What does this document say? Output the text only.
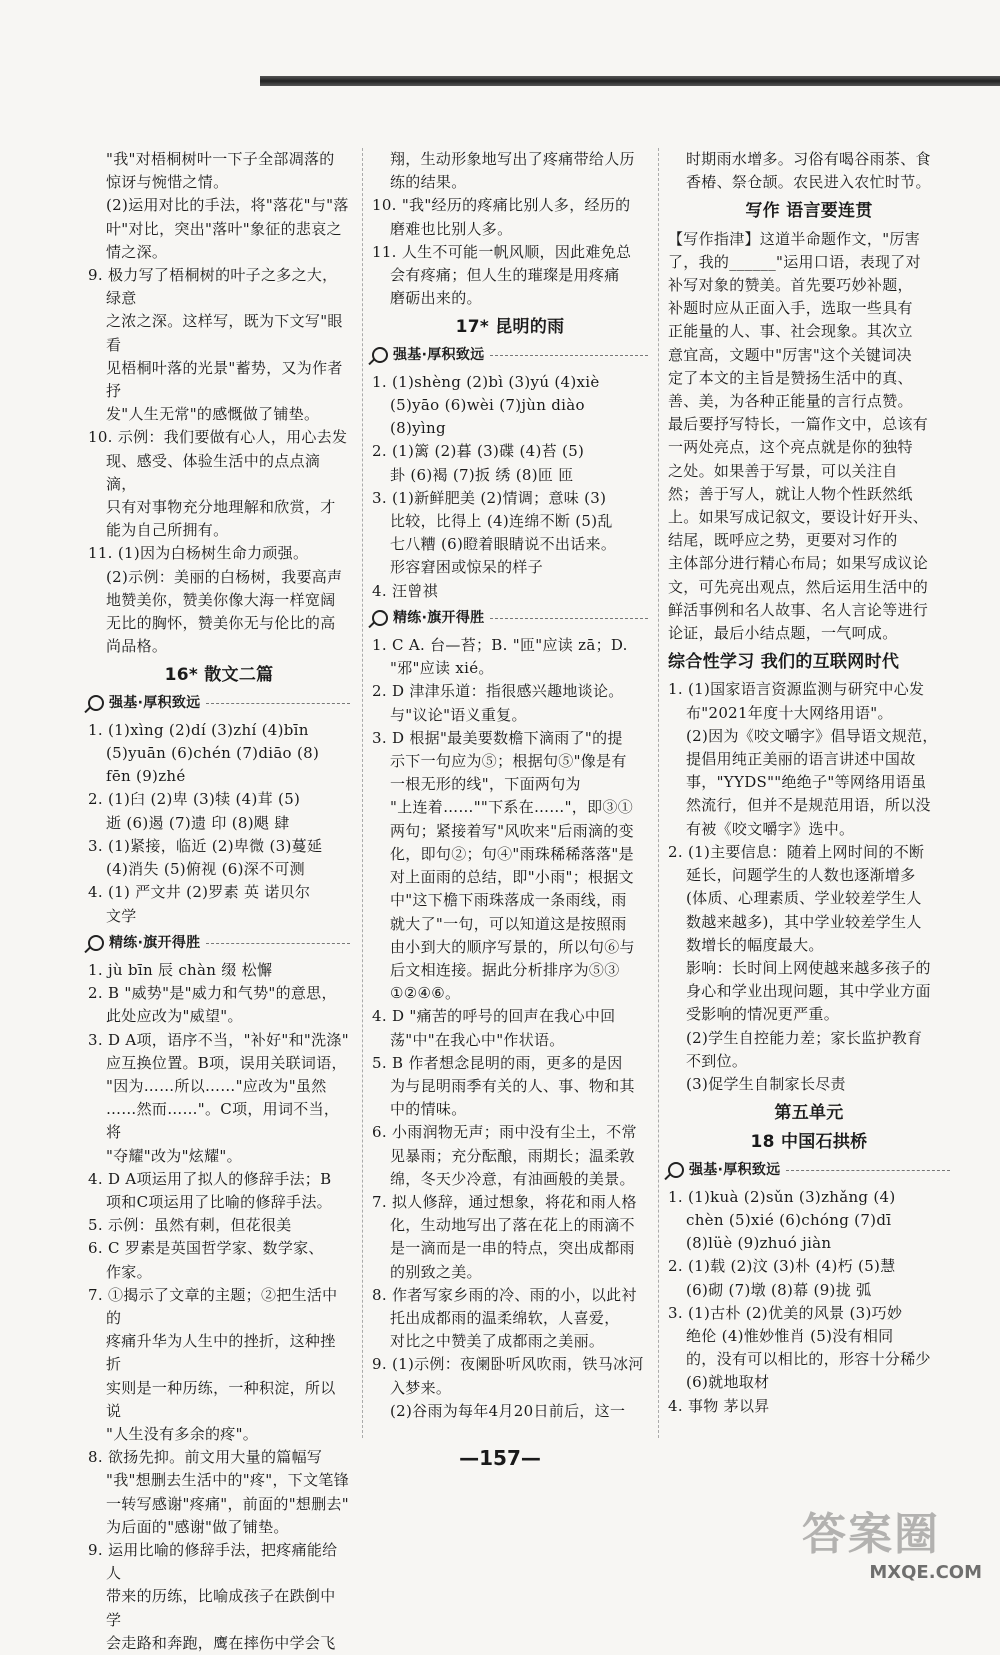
"我"对梧桐树叶一下子全部凋落的
惊讶与惋惜之情。
(2)运用对比的手法，将"落花"与"落
叶"对比，突出"落叶"象征的悲哀之
情之深。
9. 极力写了梧桐树的叶子之多之大，绿意
之浓之深。这样写，既为下文写"眼看
见梧桐叶落的光景"蓄势，又为作者抒
发"人生无常"的感慨做了铺垫。
10. 示例：我们要做有心人，用心去发
现、感受、体验生活中的点点滴滴，
只有对事物充分地理解和欣赏，才
能为自己所拥有。
11. (1)因为白杨树生命力顽强。
(2)示例：美丽的白杨树，我要高声
地赞美你，赞美你像大海一样宽阔
无比的胸怀，赞美你无与伦比的高
尚品格。
16* 散文二篇
强基·厚积致远
1. (1)xìng (2)dí (3)zhí (4)bīn
(5)yuān (6)chén (7)diāo (8)
fēn (9)zhé
2. (1)臼 (2)卑 (3)犊 (4)茸 (5)
逝 (6)遏 (7)遗 印 (8)飓 肆
3. (1)紧接，临近 (2)卑微 (3)蔓延
(4)消失 (5)俯视 (6)深不可测
4. (1) 严文井 (2)罗素 英 诺贝尔
文学
精练·旗开得胜
1. jù bīn 辰 chàn 缀 松懈
2. B "威势"是"威力和气势"的意思，
此处应改为"威望"。
3. D A项，语序不当，"补好"和"洗涤"
应互换位置。B项，误用关联词语，
"因为……所以……"应改为"虽然
……然而……"。C项，用词不当，将
"夺耀"改为"炫耀"。
4. D A项运用了拟人的修辞手法；B
项和C项运用了比喻的修辞手法。
5. 示例：虽然有刺，但花很美
6. C 罗素是英国哲学家、数学家、
作家。
7. ①揭示了文章的主题；②把生活中的
疼痛升华为人生中的挫折，这种挫折
实则是一种历练，一种积淀，所以说
"人生没有多余的疼"。
8. 欲扬先抑。前文用大量的篇幅写
"我"想删去生活中的"疼"，下文笔锋
一转写感谢"疼痛"，前面的"想删去"
为后面的"感谢"做了铺垫。
9. 运用比喻的修辞手法，把疼痛能给人
带来的历练，比喻成孩子在跌倒中学
会走路和奔跑，鹰在摔伤中学会飞
翔，生动形象地写出了疼痛带给人历
练的结果。
10. "我"经历的疼痛比别人多，经历的
磨难也比别人多。
11. 人生不可能一帆风顺，因此难免总
会有疼痛；但人生的璀璨是用疼痛
磨砺出来的。
17* 昆明的雨
强基·厚积致远
1. (1)shèng (2)bì (3)yú (4)xiè
(5)yāo (6)wèi (7)jùn diào
(8)yìng
2. (1)篱 (2)暮 (3)碟 (4)苔 (5)
卦 (6)褐 (7)扳 绣 (8)匝 匝
3. (1)新鲜肥美 (2)情调；意味 (3)
比较，比得上 (4)连绵不断 (5)乱
七八糟 (6)瞪着眼睛说不出话来。
形容窘困或惊呆的样子
4. 汪曾祺
精练·旗开得胜
1. C A. 台—苔；B. "匝"应读 zā；D.
"邪"应读 xié。
2. D 津津乐道：指很感兴趣地谈论。
与"议论"语义重复。
3. D 根据"最美要数檐下滴雨了"的提
示下一句应为⑤；根据句⑤"像是有
一根无形的线"，下面两句为
"上连着……""下系在……"，即③①
两句；紧接着写"风吹来"后雨滴的变
化，即句②；句④"雨珠稀稀落落"是
对上面雨的总结，即"小雨"；根据文
中"这下檐下雨珠落成一条雨线，雨
就大了"一句，可以知道这是按照雨
由小到大的顺序写景的，所以句⑥与
后文相连接。据此分析排序为⑤③
①②④⑥。
4. D "痛苦的呼号的回声在我心中回
荡"中"在我心中"作状语。
5. B 作者想念昆明的雨，更多的是因
为与昆明雨季有关的人、事、物和其
中的情味。
6. 小雨润物无声；雨中没有尘土，不常
见暴雨；充分酝酿，雨期长；温柔敦
绵，冬天少冷意，有油画般的美景。
7. 拟人修辞，通过想象，将花和雨人格
化，生动地写出了落在花上的雨滴不
是一滴而是一串的特点，突出成都雨
的别致之美。
8. 作者写家乡雨的冷、雨的小，以此衬
托出成都雨的温柔绵软，人喜爱，
对比之中赞美了成都雨之美丽。
9. (1)示例：夜阑卧听风吹雨，铁马冰河
入梦来。
(2)谷雨为每年4月20日前后，这一
时期雨水增多。习俗有喝谷雨茶、食
香椿、祭仓颉。农民进入农忙时节。
写作 语言要连贯
【写作指津】这道半命题作文，"厉害
了，我的______"运用口语，表现了对
补写对象的赞美。首先要巧妙补题，
补题时应从正面入手，选取一些具有
正能量的人、事、社会现象。其次立
意宜高，文题中"厉害"这个关键词决
定了本文的主旨是赞扬生活中的真、
善、美，为各种正能量的言行点赞。
最后要抒写特长，一篇作文中，总该有
一两处亮点，这个亮点就是你的独特
之处。如果善于写景，可以关注自
然；善于写人，就让人物个性跃然纸
上。如果写成记叙文，要设计好开头、
结尾，既呼应之势，更要对习作的
主体部分进行精心布局；如果写成议论
文，可先亮出观点，然后运用生活中的
鲜活事例和名人故事、名人言论等进行
论证，最后小结点题，一气呵成。
综合性学习 我们的互联网时代
1. (1)国家语言资源监测与研究中心发
布"2021年度十大网络用语"。
(2)因为《咬文嚼字》倡导语文规范，
提倡用纯正美丽的语言讲述中国故
事，"YYDS""绝绝子"等网络用语虽
然流行，但并不是规范用语，所以没
有被《咬文嚼字》选中。
2. (1)主要信息：随着上网时间的不断
延长，问题学生的人数也逐渐增多
(体质、心理素质、学业较差学生人
数越来越多)，其中学业较差学生人
数增长的幅度最大。
影响：长时间上网使越来越多孩子的
身心和学业出现问题，其中学业方面
受影响的情况更严重。
(2)学生自控能力差；家长监护教育
不到位。
(3)促学生自制家长尽责
第五单元
18 中国石拱桥
强基·厚积致远
1. (1)kuà (2)sǔn (3)zhǎng (4)
chèn (5)xié (6)chóng (7)dī
(8)lüè (9)zhuó jiàn
2. (1)载 (2)汶 (3)朴 (4)朽 (5)慧
(6)砌 (7)墩 (8)幕 (9)拢 弧
3. (1)古朴 (2)优美的风景 (3)巧妙
绝伦 (4)惟妙惟肖 (5)没有相同
的，没有可以相比的，形容十分稀少
(6)就地取材
4. 事物 茅以昇
—157—
答案圈
MXQE.COM
